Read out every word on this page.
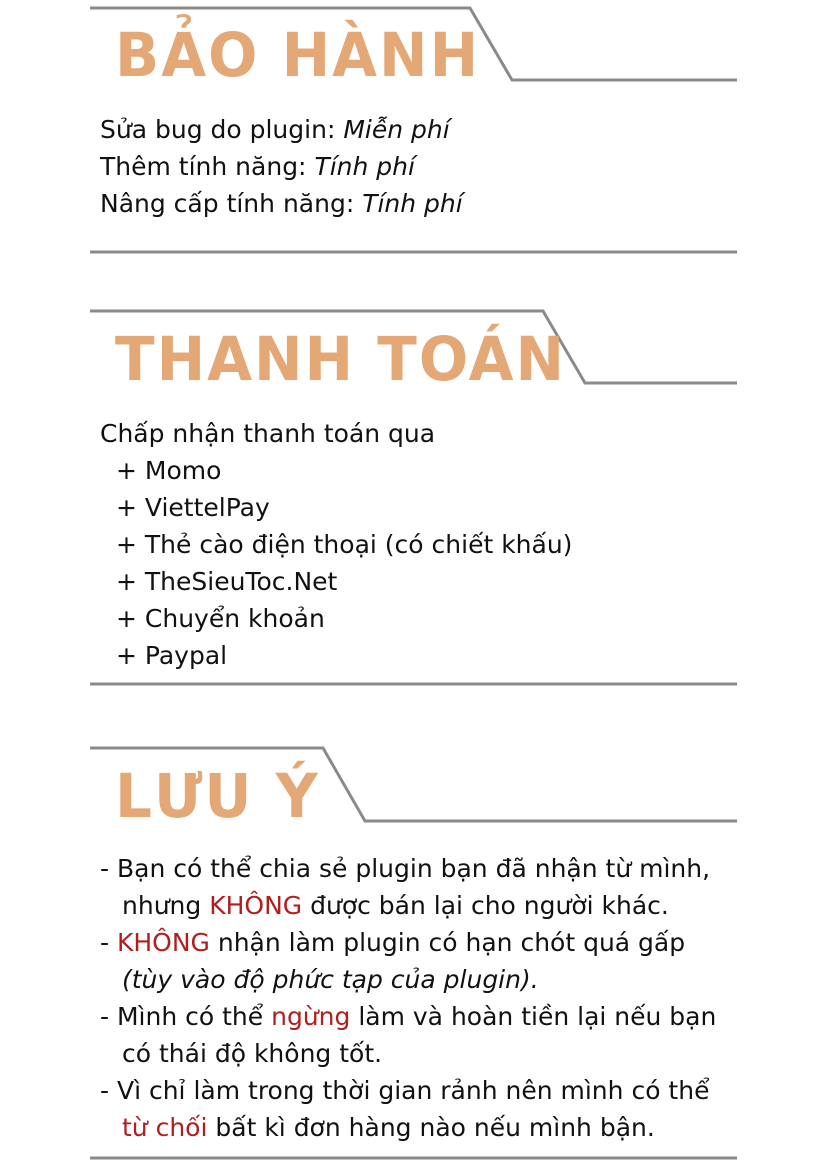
BẢO HÀNH
Sửa bug do plugin: Miễn phí
Thêm tính năng: Tính phí
Nâng cấp tính năng: Tính phí
THANH TOÁN
Chấp nhận thanh toán qua
+ Momo
+ ViettelPay
+ Thẻ cào điện thoại (có chiết khấu)
+ TheSieuToc.Net
+ Chuyển khoản
+ Paypal
LƯU Ý
- Bạn có thể chia sẻ plugin bạn đã nhận từ mình,
nhưng KHÔNG được bán lại cho người khác.
- KHÔNG nhận làm plugin có hạn chót quá gấp
(tùy vào độ phức tạp của plugin).
- Mình có thể ngừng làm và hoàn tiền lại nếu bạn
có thái độ không tốt.
- Vì chỉ làm trong thời gian rảnh nên mình có thể
từ chối bất kì đơn hàng nào nếu mình bận.
